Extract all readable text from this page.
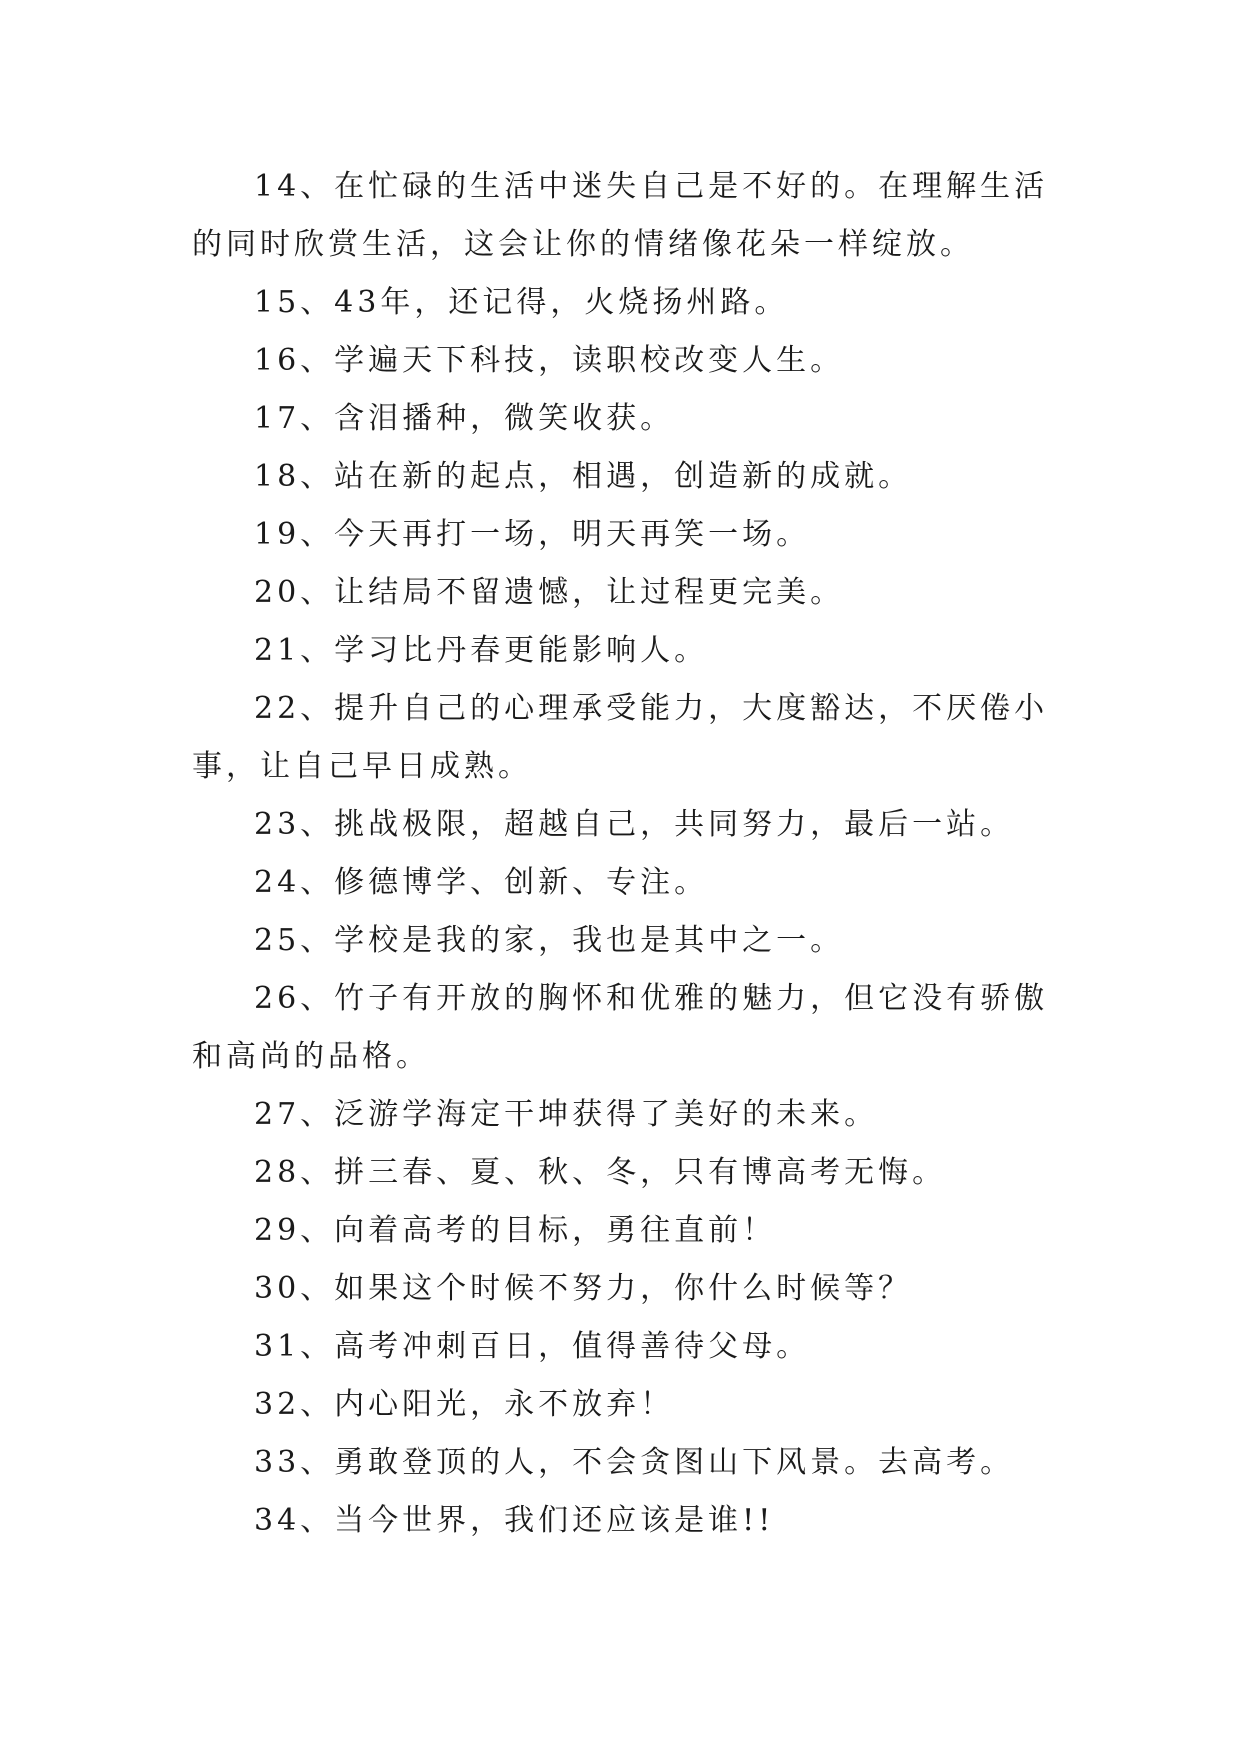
14、在忙碌的生活中迷失自己是不好的。在理解生活的同时欣赏生活，这会让你的情绪像花朵一样绽放。

15、43年，还记得，火烧扬州路。

16、学遍天下科技，读职校改变人生。

17、含泪播种，微笑收获。

18、站在新的起点，相遇，创造新的成就。

19、今天再打一场，明天再笑一场。

20、让结局不留遗憾，让过程更完美。

21、学习比丹春更能影响人。

22、提升自己的心理承受能力，大度豁达，不厌倦小事，让自己早日成熟。

23、挑战极限，超越自己，共同努力，最后一站。

24、修德博学、创新、专注。

25、学校是我的家，我也是其中之一。

26、竹子有开放的胸怀和优雅的魅力，但它没有骄傲和高尚的品格。

27、泛游学海定干坤获得了美好的未来。

28、拼三春、夏、秋、冬，只有博高考无悔。

29、向着高考的目标，勇往直前！

30、如果这个时候不努力，你什么时候等？

31、高考冲刺百日，值得善待父母。

32、内心阳光，永不放弃！

33、勇敢登顶的人，不会贪图山下风景。去高考。

34、当今世界，我们还应该是谁!!
